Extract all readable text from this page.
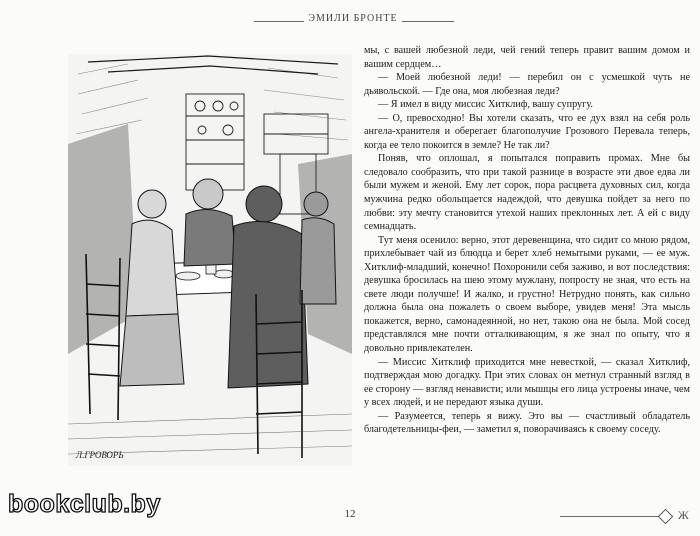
ЭМИЛИ БРОНТЕ
Л.ГРОВОРЬ

мы, с вашей любезной леди, чей гений теперь правит вашим домом и вашим сердцем…

— Моей любезной леди! — перебил он с усмешкой чуть не дьявольской. — Где она, моя любезная леди?

— Я имел в виду миссис Хитклиф, вашу супругу.

— О, превосходно! Вы хотели сказать, что ее дух взял на себя роль ангела-хранителя и оберегает благополучие Грозового Перевала теперь, когда ее тело покоится в земле? Не так ли?

Поняв, что оплошал, я попытался поправить промах. Мне бы следовало сообразить, что при такой разнице в возрасте эти двое едва ли были мужем и женой. Ему лет сорок, пора расцвета духовных сил, когда мужчина редко обольщается надеждой, что девушка пойдет за него по любви: эту мечту становится утехой наших преклонных лет. А ей с виду семнадцать.

Тут меня осенило: верно, этот деревенщина, что сидит со мною рядом, прихлебывает чай из блюдца и берет хлеб немытыми руками, — ее муж. Хитклиф-младший, конечно! Похоронили себя заживо, и вот последствия: девушка бросилась на шею этому мужлану, попросту не зная, что есть на свете люди получше! И жалко, и грустно! Нетрудно понять, как сильно должна была она пожалеть о своем выборе, увидев меня! Эта мысль покажется, верно, самонадеянной, но нет, такою она не была. Мой сосед представлялся мне почти отталкивающим, я же знал по опыту, что я довольно привлекателен.

— Миссис Хитклиф приходится мне невесткой, — сказал Хитклиф, подтверждая мою догадку. При этих словах он метнул странный взгляд в ее сторону — взгляд ненависти; или мышцы его лица устроены иначе, чем у всех людей, и не передают языка души.

— Разумеется, теперь я вижу. Это вы — счастливый обладатель благодетельницы-феи, — заметил я, поворачиваясь к своему соседу.

12	Ж
bookclub.by
